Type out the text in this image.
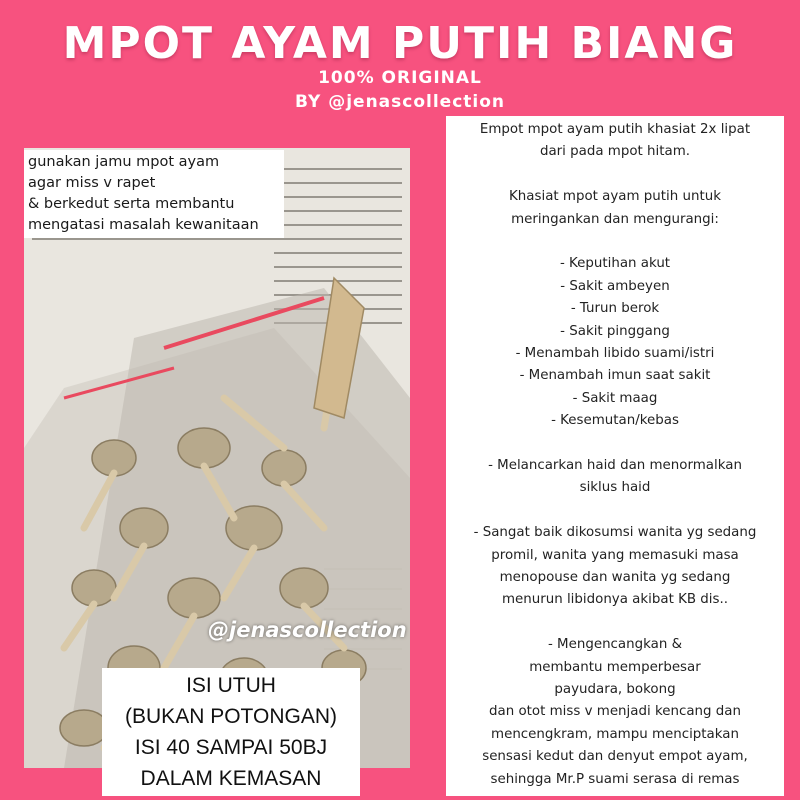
MPOT AYAM PUTIH BIANG
100% ORIGINAL
BY @jenascollection
@jenascollection
gunakan jamu mpot ayam
agar miss v rapet
& berkedut serta membantu
mengatasi masalah kewanitaan
ISI UTUH
(BUKAN POTONGAN)
ISI 40 SAMPAI 50BJ
DALAM KEMASAN
Empot mpot ayam putih khasiat 2x lipat
dari pada mpot hitam.
Khasiat mpot ayam putih untuk
meringankan dan mengurangi:
- Keputihan akut
- Sakit ambeyen
- Turun berok
- Sakit pinggang
- Menambah libido suami/istri
- Menambah imun saat sakit
- Sakit maag
- Kesemutan/kebas
- Melancarkan haid dan menormalkan
siklus haid
- Sangat baik dikosumsi wanita yg sedang
promil, wanita yang memasuki masa
menopouse dan wanita yg sedang
menurun libidonya akibat KB dis..
- Mengencangkan &
membantu memperbesar
payudara, bokong
dan otot miss v menjadi kencang dan
mencengkram, mampu menciptakan
sensasi kedut dan denyut empot ayam,
sehingga Mr.P suami serasa di remas
